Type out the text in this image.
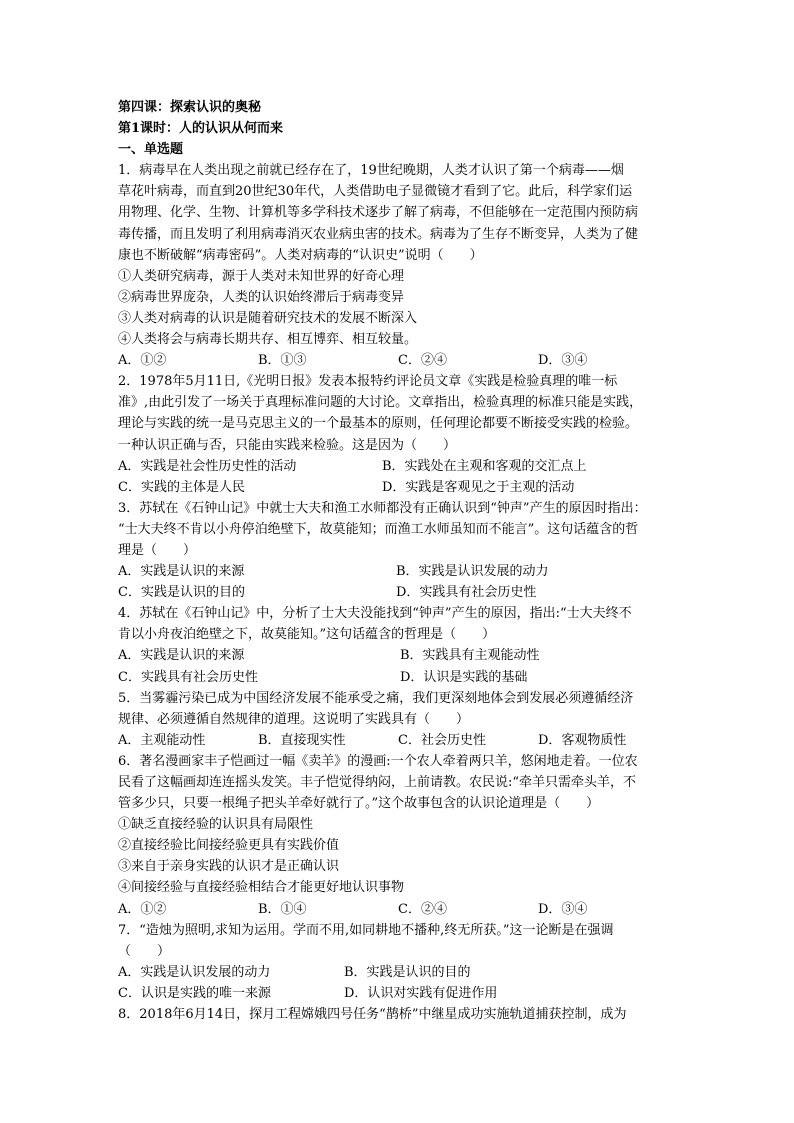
第四课：探索认识的奥秘
第1课时：人的认识从何而来
一、单选题
1．病毒早在人类出现之前就已经存在了，19世纪晚期，人类才认识了第一个病毒——烟
草花叶病毒，而直到20世纪30年代，人类借助电子显微镜才看到了它。此后，科学家们运
用物理、化学、生物、计算机等多学科技术逐步了解了病毒，不但能够在一定范围内预防病
毒传播，而且发明了利用病毒消灭农业病虫害的技术。病毒为了生存不断变异，人类为了健
康也不断破解“病毒密码”。人类对病毒的“认识史”说明（　　）
①人类研究病毒，源于人类对未知世界的好奇心理
②病毒世界庞杂，人类的认识始终滞后于病毒变异
③人类对病毒的认识是随着研究技术的发展不断深入
④人类将会与病毒长期共存、相互博弈、相互较量。
A．①②	B．①③	C．②④	D．③④
2．1978年5月11日,《光明日报》发表本报特约评论员文章《实践是检验真理的唯一标
准》,由此引发了一场关于真理标准问题的大讨论。文章指出，检验真理的标准只能是实践，
理论与实践的统一是马克思主义的一个最基本的原则，任何理论都要不断接受实践的检验。
一种认识正确与否，只能由实践来检验。这是因为（　　）
A．实践是社会性历史性的活动	B．实践处在主观和客观的交汇点上
C．实践的主体是人民	D．实践是客观见之于主观的活动
3．苏轼在《石钟山记》中就士大夫和渔工水师都没有正确认识到“钟声”产生的原因时指出：
“士大夫终不肯以小舟停泊绝壁下，故莫能知；而渔工水师虽知而不能言”。这句话蕴含的哲
理是（　　）
A．实践是认识的来源	B．实践是认识发展的动力
C．实践是认识的目的	D．实践具有社会历史性
4．苏轼在《石钟山记》中，分析了士大夫没能找到“钟声”产生的原因，指出:“士大夫终不
肯以小舟夜泊绝壁之下，故莫能知。”这句话蕴含的哲理是（　　）
A．实践是认识的来源	B．实践具有主观能动性
C．实践具有社会历史性	D．认识是实践的基础
5．当雾霾污染已成为中国经济发展不能承受之痛，我们更深刻地体会到发展必须遵循经济
规律、必须遵循自然规律的道理。这说明了实践具有（　　）
A．主观能动性	B．直接现实性	C．社会历史性	D．客观物质性
6．著名漫画家丰子恺画过一幅《卖羊》的漫画:一个农人牵着两只羊，悠闲地走着。一位农
民看了这幅画却连连摇头发笑。丰子恺觉得纳闷，上前请教。农民说:“牵羊只需牵头羊，不
管多少只，只要一根绳子把头羊牵好就行了。”这个故事包含的认识论道理是（　　）
①缺乏直接经验的认识具有局限性
②直接经验比间接经验更具有实践价值
③来自于亲身实践的认识才是正确认识
④间接经验与直接经验相结合才能更好地认识事物
A．①②	B．①④	C．②④	D．③④
7．“造烛为照明,求知为运用。学而不用,如同耕地不播种,终无所获。”这一论断是在强调
（　　）
A．实践是认识发展的动力	B．实践是认识的目的
C．认识是实践的唯一来源	D．认识对实践有促进作用
8．2018年6月14日，探月工程嫦娥四号任务“鹊桥”中继星成功实施轨道捕获控制，成为
